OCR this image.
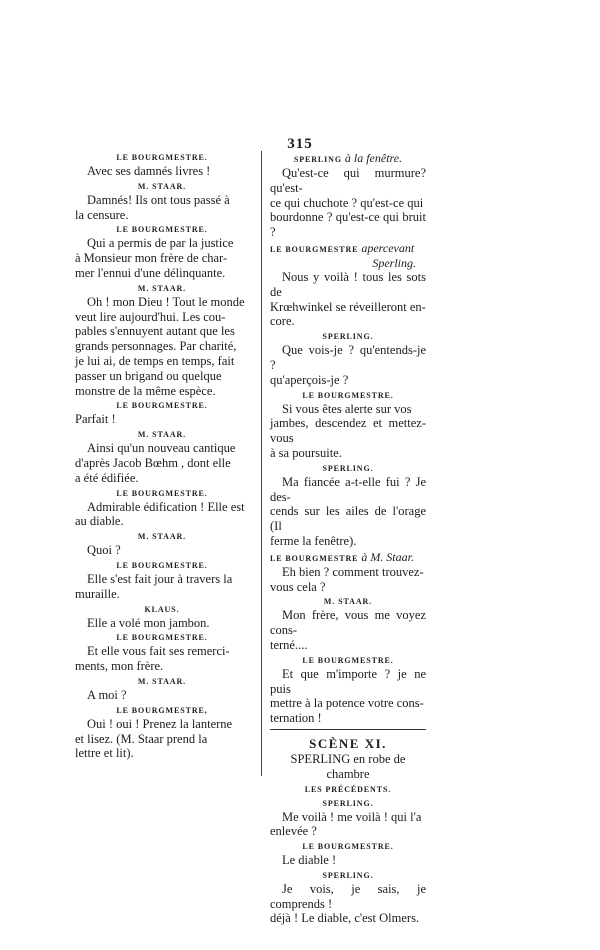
315
LE BOURGMESTRE.
Avec ses damnés livres !
M. STAAR.
Damnés! Ils ont tous passé à
la censure.
LE BOURGMESTRE.
Qui a permis de par la justice
à Monsieur mon frère de char-
mer l'ennui d'une délinquante.
M. STAAR.
Oh ! mon Dieu ! Tout le monde
veut lire aujourd'hui. Les cou-
pables s'ennuyent autant que les
grands personnages. Par charité,
je lui ai, de temps en temps, fait
passer un brigand ou quelque
monstre de la même espèce.
LE BOURGMESTRE.
Parfait !
M. STAAR.
Ainsi qu'un nouveau cantique
d'après Jacob Bœhm , dont elle
a été édifiée.
LE BOURGMESTRE.
Admirable édification ! Elle est
au diable.
M. STAAR.
Quoi ?
LE BOURGMESTRE.
Elle s'est fait jour à travers la
muraille.
KLAUS.
Elle a volé mon jambon.
LE BOURGMESTRE.
Et elle vous fait ses remerci-
ments, mon frère.
M. STAAR.
A moi ?
LE BOURGMESTRE,
Oui ! oui ! Prenez la lanterne
et lisez. (M. Staar prend la
lettre et lit).
SPERLING à la fenêtre.
Qu'est-ce qui murmure? qu'est-
ce qui chuchote ? qu'est-ce qui
bourdonne ? qu'est-ce qui bruit ?
LE BOURGMESTRE apercevant
Sperling.
Nous y voilà ! tous les sots de
Krœhwinkel se réveilleront en-
core.
SPERLING.
Que vois-je ? qu'entends-je ?
qu'aperçois-je ?
LE BOURGMESTRE.
Si vous êtes alerte sur vos
jambes, descendez et mettez-vous
à sa poursuite.
SPERLING.
Ma fiancée a-t-elle fui ? Je des-
cends sur les ailes de l'orage (Il
ferme la fenêtre).
LE BOURGMESTRE à M. Staar.
Eh bien ? comment trouvez-
vous cela ?
M. STAAR.
Mon frère, vous me voyez cons-
terné....
LE BOURGMESTRE.
Et que m'importe ? je ne puis
mettre à la potence votre cons-
ternation !
SCÈNE XI.
SPERLING en robe de chambre
LES PRÉCÉDENTS.
SPERLING.
Me voilà ! me voilà ! qui l'a
enlevée ?
LE BOURGMESTRE.
Le diable !
SPERLING.
Je vois, je sais, je comprends !
déjà ! Le diable, c'est Olmers.
